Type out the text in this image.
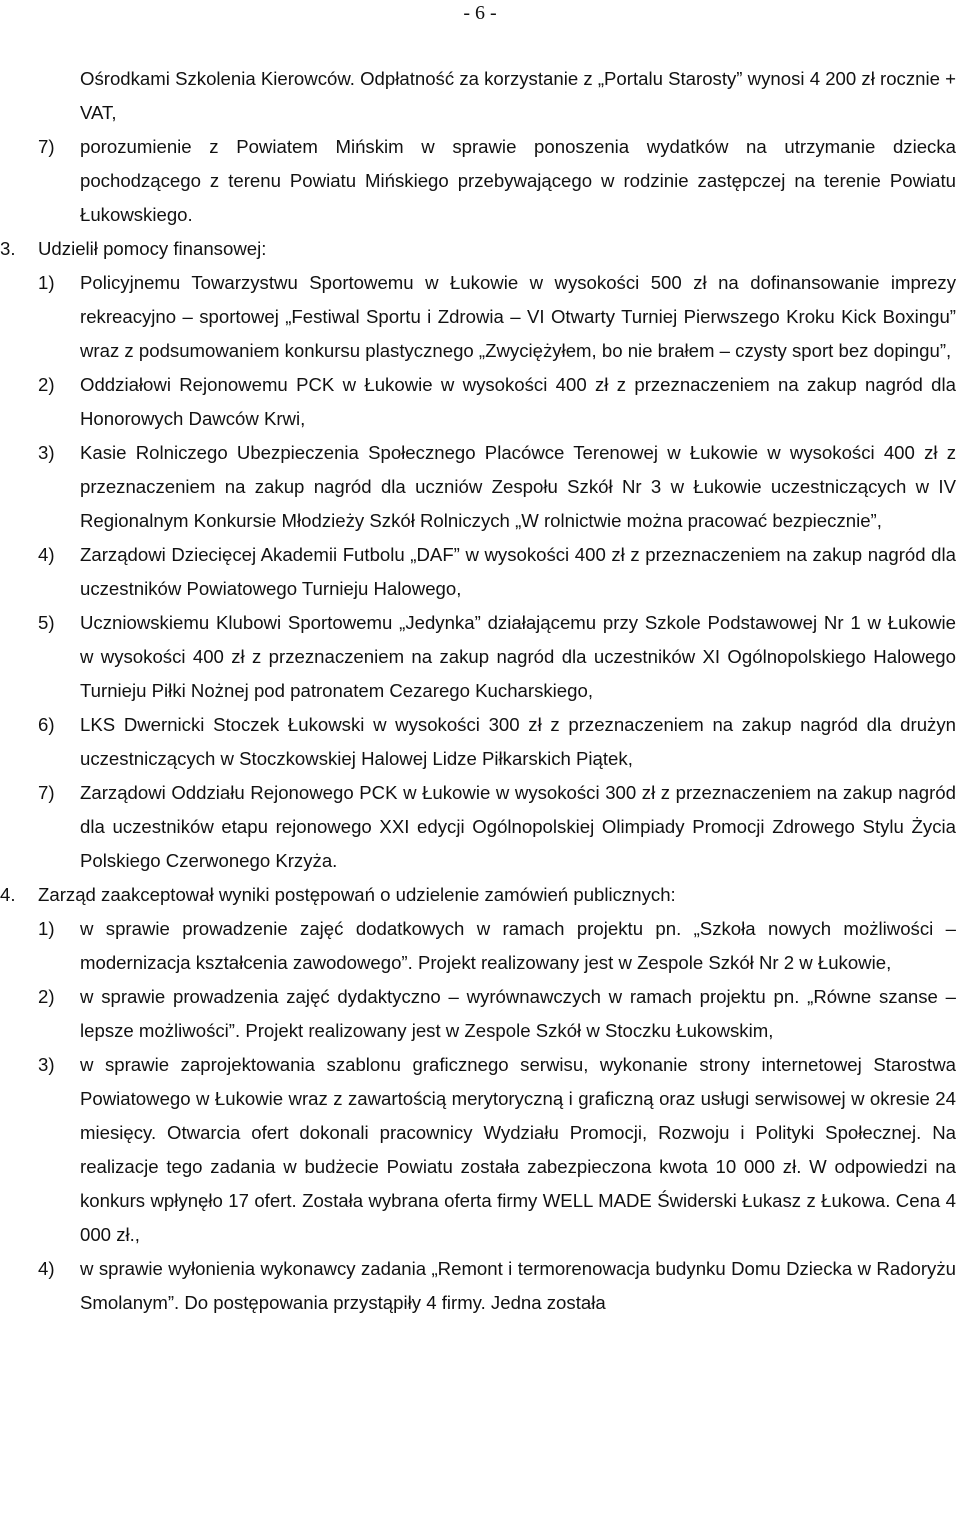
- 6 -
Ośrodkami Szkolenia Kierowców. Odpłatność za korzystanie z „Portalu Starosty” wynosi 4 200 zł rocznie + VAT,
7) porozumienie z Powiatem Mińskim w sprawie ponoszenia wydatków na utrzymanie dziecka pochodzącego z terenu Powiatu Mińskiego przebywającego w rodzinie zastępczej na terenie Powiatu Łukowskiego.
3. Udzielił pomocy finansowej:
1) Policyjnemu Towarzystwu Sportowemu w Łukowie w wysokości 500 zł na dofinansowanie imprezy rekreacyjno – sportowej „Festiwal Sportu i Zdrowia – VI Otwarty Turniej Pierwszego Kroku Kick Boxingu” wraz z podsumowaniem konkursu plastycznego „Zwyciężyłem, bo nie brałem – czysty sport bez dopingu”,
2) Oddziałowi Rejonowemu PCK w Łukowie w wysokości 400 zł z przeznaczeniem na zakup nagród dla Honorowych Dawców Krwi,
3) Kasie Rolniczego Ubezpieczenia Społecznego Placówce Terenowej w Łukowie w wysokości 400 zł z przeznaczeniem na zakup nagród dla uczniów Zespołu Szkół Nr 3 w Łukowie uczestniczących w IV Regionalnym Konkursie Młodzieży Szkół Rolniczych „W rolnictwie można pracować bezpiecznie”,
4) Zarządowi Dziecięcej Akademii Futbolu „DAF” w wysokości 400 zł z przeznaczeniem na zakup nagród dla uczestników Powiatowego Turnieju Halowego,
5) Uczniowskiemu Klubowi Sportowemu „Jedynka” działającemu przy Szkole Podstawowej Nr 1 w Łukowie w wysokości 400 zł z przeznaczeniem na zakup nagród dla uczestników XI Ogólnopolskiego Halowego Turnieju Piłki Nożnej pod patronatem Cezarego Kucharskiego,
6) LKS Dwernicki Stoczek Łukowski w wysokości 300 zł z przeznaczeniem na zakup nagród dla drużyn uczestniczących w Stoczkowskiej Halowej Lidze Piłkarskich Piątek,
7) Zarządowi Oddziału Rejonowego PCK w Łukowie w wysokości 300 zł z przeznaczeniem na zakup nagród dla uczestników etapu rejonowego XXI edycji Ogólnopolskiej Olimpiady Promocji Zdrowego Stylu Życia Polskiego Czerwonego Krzyża.
4. Zarząd zaakceptował wyniki postępowań o udzielenie zamówień publicznych:
1) w sprawie prowadzenie zajęć dodatkowych w ramach projektu pn. „Szkoła nowych możliwości – modernizacja kształcenia zawodowego”. Projekt realizowany jest w Zespole Szkół Nr 2 w Łukowie,
2) w sprawie prowadzenia zajęć dydaktyczno – wyrównawczych w ramach projektu pn. „Równe szanse – lepsze możliwości”. Projekt realizowany jest w Zespole Szkół w Stoczku Łukowskim,
3) w sprawie zaprojektowania szablonu graficznego serwisu, wykonanie strony internetowej Starostwa Powiatowego w Łukowie wraz z zawartością merytoryczną i graficzną oraz usługi serwisowej w okresie 24 miesięcy. Otwarcia ofert dokonali pracownicy Wydziału Promocji, Rozwoju i Polityki Społecznej. Na realizacje tego zadania w budżecie Powiatu została zabezpieczona kwota 10 000 zł. W odpowiedzi na konkurs wpłynęło 17 ofert. Została wybrana oferta firmy WELL MADE Świderski Łukasz z Łukowa. Cena 4 000 zł.,
4) w sprawie wyłonienia wykonawcy zadania „Remont i termorenowacja budynku Domu Dziecka w Radoryżu Smolanym”. Do postępowania przystąpiły 4 firmy. Jedna została
